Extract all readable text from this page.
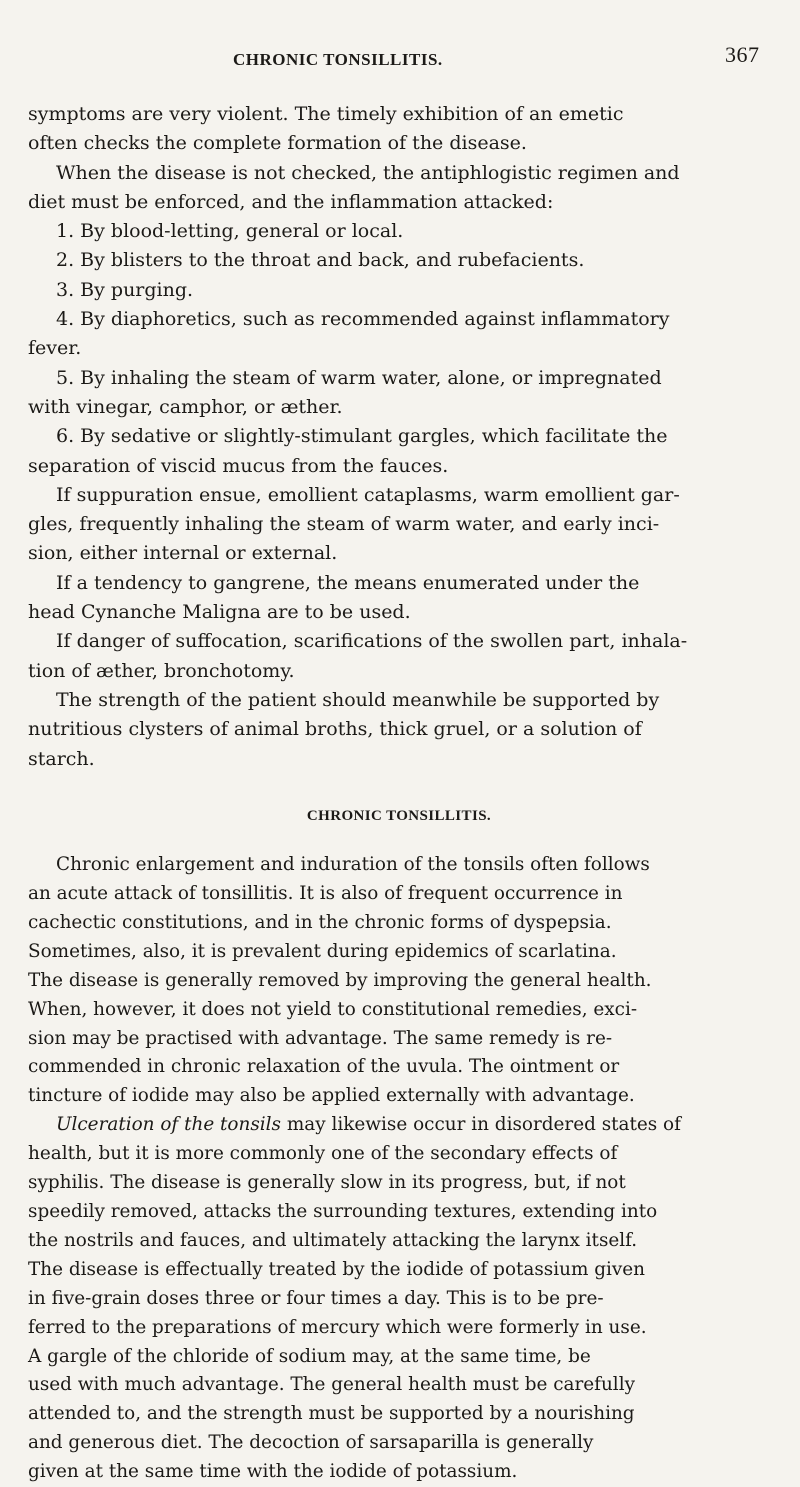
CHRONIC TONSILLITIS.	367

symptoms are very violent. The timely exhibition of an emetic

often checks the complete formation of the disease.

When the disease is not checked, the antiphlogistic regimen and

diet must be enforced, and the inflammation attacked:

1. By blood-letting, general or local.

2. By blisters to the throat and back, and rubefacients.

3. By purging.

4. By diaphoretics, such as recommended against inflammatory

fever.

5. By inhaling the steam of warm water, alone, or impregnated

with vinegar, camphor, or æther.

6. By sedative or slightly-stimulant gargles, which facilitate the

separation of viscid mucus from the fauces.

If suppuration ensue, emollient cataplasms, warm emollient gar-

gles, frequently inhaling the steam of warm water, and early inci-

sion, either internal or external.

If a tendency to gangrene, the means enumerated under the

head Cynanche Maligna are to be used.

If danger of suffocation, scarifications of the swollen part, inhala-

tion of æther, bronchotomy.

The strength of the patient should meanwhile be supported by

nutritious clysters of animal broths, thick gruel, or a solution of

starch.

CHRONIC TONSILLITIS.

Chronic enlargement and induration of the tonsils often follows

an acute attack of tonsillitis. It is also of frequent occurrence in

cachectic constitutions, and in the chronic forms of dyspepsia.

Sometimes, also, it is prevalent during epidemics of scarlatina.

The disease is generally removed by improving the general health.

When, however, it does not yield to constitutional remedies, exci-

sion may be practised with advantage. The same remedy is re-

commended in chronic relaxation of the uvula. The ointment or

tincture of iodide may also be applied externally with advantage.

Ulceration of the tonsils may likewise occur in disordered states of

health, but it is more commonly one of the secondary effects of

syphilis. The disease is generally slow in its progress, but, if not

speedily removed, attacks the surrounding textures, extending into

the nostrils and fauces, and ultimately attacking the larynx itself.

The disease is effectually treated by the iodide of potassium given

in five-grain doses three or four times a day. This is to be pre-

ferred to the preparations of mercury which were formerly in use.

A gargle of the chloride of sodium may, at the same time, be

used with much advantage. The general health must be carefully

attended to, and the strength must be supported by a nourishing

and generous diet. The decoction of sarsaparilla is generally

given at the same time with the iodide of potassium.
